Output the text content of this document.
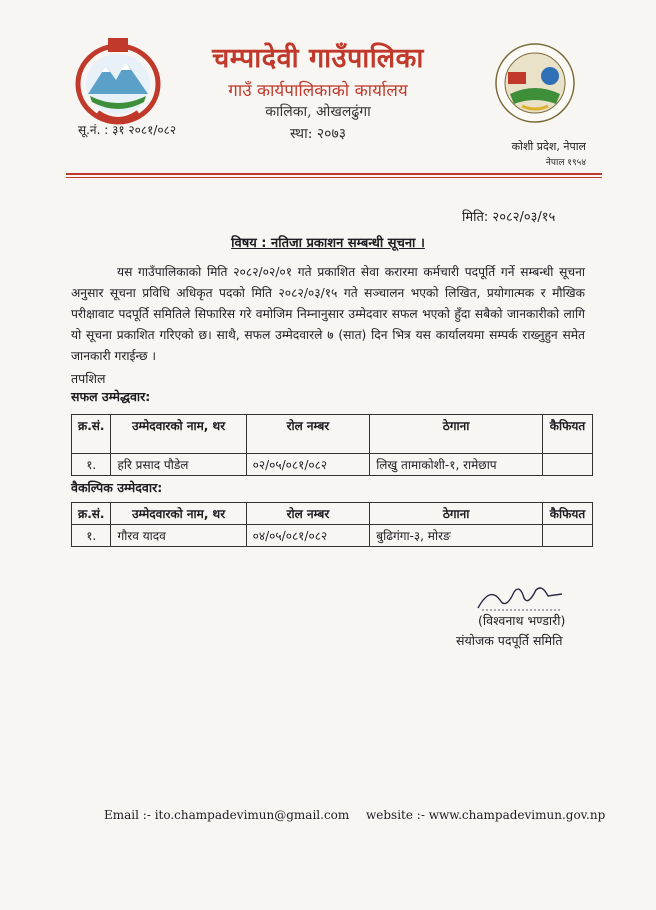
चम्पादेवी गाउँपालिका
गाउँ कार्यपालिकाको कार्यालय
कालिका, ओखलढुंगा
स्था: २०७३
सू.नं. : ३१ २०८१/०८२
कोशी प्रदेश, नेपाल
नेपाल १९५४
मिति: २०८२/०३/१५
विषय : नतिजा प्रकाशन सम्बन्धी सूचना ।
यस गाउँपालिकाको मिति २०८२/०२/०१ गते प्रकाशित सेवा करारमा कर्मचारी पदपूर्ति गर्ने सम्बन्धी सूचना अनुसार सूचना प्रविधि अधिकृत पदको मिति २०८२/०३/१५ गते सञ्चालन भएको लिखित, प्रयोगात्मक र मौखिक परीक्षावाट पदपूर्ति समितिले सिफारिस गरे वमोजिम निम्नानुसार उम्मेदवार सफल भएको हुँदा सबैको जानकारीको लागि यो सूचना प्रकाशित गरिएको छ। साथै, सफल उम्मेदवारले ७ (सात) दिन भित्र यस कार्यालयमा सम्पर्क राख्नुहुन समेत जानकारी गराईन्छ ।
तपशिल
सफल उम्मेद्धवार:
क्र.सं.	उम्मेदवारको नाम, थर	रोल नम्बर	ठेगाना	कैफियत
१.	हरि प्रसाद पौडेल	०२/०५/०८१/०८२	लिखु तामाकोशी-१, रामेछाप	
वैकल्पिक उम्मेदवार:
क्र.सं.	उम्मेदवारको नाम, थर	रोल नम्बर	ठेगाना	कैफियत
१.	गौरव यादव	०४/०५/०८१/०८२	बुढिगंगा-३, मोरङ	
(विश्वनाथ भण्डारी)
संयोजक पदपूर्ति समिति
Email :- ito.champadevimun@gmail.com website :- www.champadevimun.gov.np
